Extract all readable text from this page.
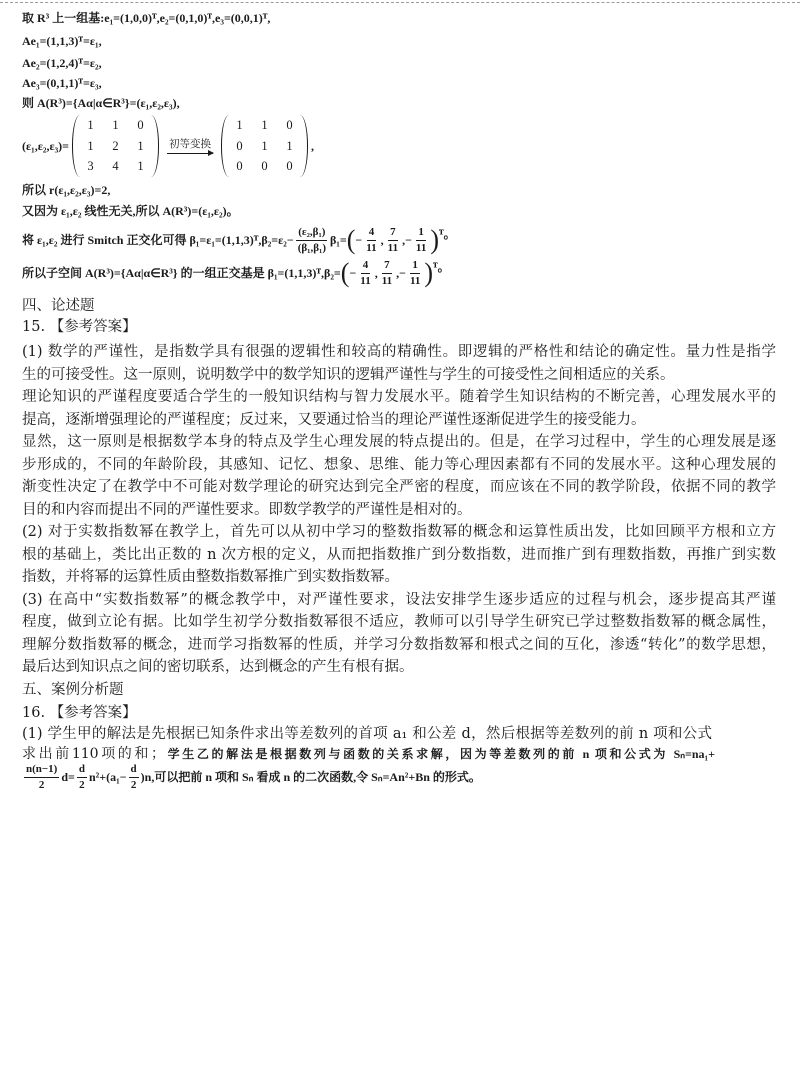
取 R³ 上一组基:e₁=(1,0,0)ᵀ,e₂=(0,1,0)ᵀ,e₃=(0,0,1)ᵀ,
Ae₁=(1,1,3)ᵀ=ε₁,
Ae₂=(1,2,4)ᵀ=ε₂,
Ae₃=(0,1,1)ᵀ=ε₃,
则 A(R³)={Aα|α∈R³}=(ε₁,ε₂,ε₃),
(ε₁,ε₂,ε₃)=
1 1 0
1 2 1
3 4 1
初等变换
1 1 0
0 1 1
0 0 0
,
所以 r(ε₁,ε₂,ε₃)=2,
又因为 ε₁,ε₂ 线性无关,所以 A(R³)=(ε₁,ε₂)。
将 ε₁,ε₂ 进行 Smitch 正交化可得 β₁=ε₁=(1,1,3)ᵀ,β₂=ε₂− $\frac{\text{(ε₂,β₁)}}{\text{(β₁,β₁)}} \beta_1=$ ( − $\frac{4}{11}$ , $\frac{7}{11}$ ,− $\frac{1}{11}$ ) ᵀ。
所以子空间 A(R³)={Aα|α∈R³} 的一组正交基是 β₁=(1,1,3)ᵀ,β₂= ( − $\frac{4}{11}$ , $\frac{7}{11}$ ,− $\frac{1}{11}$ ) ᵀ。
四、论述题
15. 【参考答案】
(1) 数学的严谨性，是指数学具有很强的逻辑性和较高的精确性。即逻辑的严格性和结论的确定性。量力性是指学
生的可接受性。这一原则，说明数学中的数学知识的逻辑严谨性与学生的可接受性之间相适应的关系。
理论知识的严谨程度要适合学生的一般知识结构与智力发展水平。随着学生知识结构的不断完善，心理发展水平的
提高，逐渐增强理论的严谨程度；反过来，又要通过恰当的理论严谨性逐渐促进学生的接受能力。
显然，这一原则是根据数学本身的特点及学生心理发展的特点提出的。但是，在学习过程中，学生的心理发展是逐
步形成的，不同的年龄阶段，其感知、记忆、想象、思维、能力等心理因素都有不同的发展水平。这种心理发展的
渐变性决定了在教学中不可能对数学理论的研究达到完全严密的程度，而应该在不同的教学阶段，依据不同的教学
目的和内容而提出不同的严谨性要求。即数学教学的严谨性是相对的。
(2) 对于实数指数幂在教学上，首先可以从初中学习的整数指数幂的概念和运算性质出发，比如回顾平方根和立方
根的基础上，类比出正数的 n 次方根的定义，从而把指数推广到分数指数，进而推广到有理数指数，再推广到实数
指数，并将幂的运算性质由整数指数幂推广到实数指数幂。
(3) 在高中“实数指数幂”的概念教学中，对严谨性要求，设法安排学生逐步适应的过程与机会，逐步提高其严谨
程度，做到立论有据。比如学生初学分数指数幂很不适应，教师可以引导学生研究已学过整数指数幂的概念属性，
理解分数指数幂的概念，进而学习指数幂的性质，并学习分数指数幂和根式之间的互化，渗透“转化”的数学思想，
最后达到知识点之间的密切联系，达到概念的产生有根有据。
五、案例分析题
16. 【参考答案】
(1) 学生甲的解法是先根据已知条件求出等差数列的首项 a₁ 和公差 d，然后根据等差数列的前 n 项和公式
求出前110项的和；学生乙的解法是根据数列与函数的关系求解，因为等差数列的前 n 项和公式为 Sₙ=na₁+
$\frac{n(n-1)}{2} d= \frac{d}{2} n^2+(a_1- \frac{d}{2} )n$,可以把前 n 项和 Sₙ 看成 n 的二次函数,令 Sₙ=An²+Bn 的形式。
